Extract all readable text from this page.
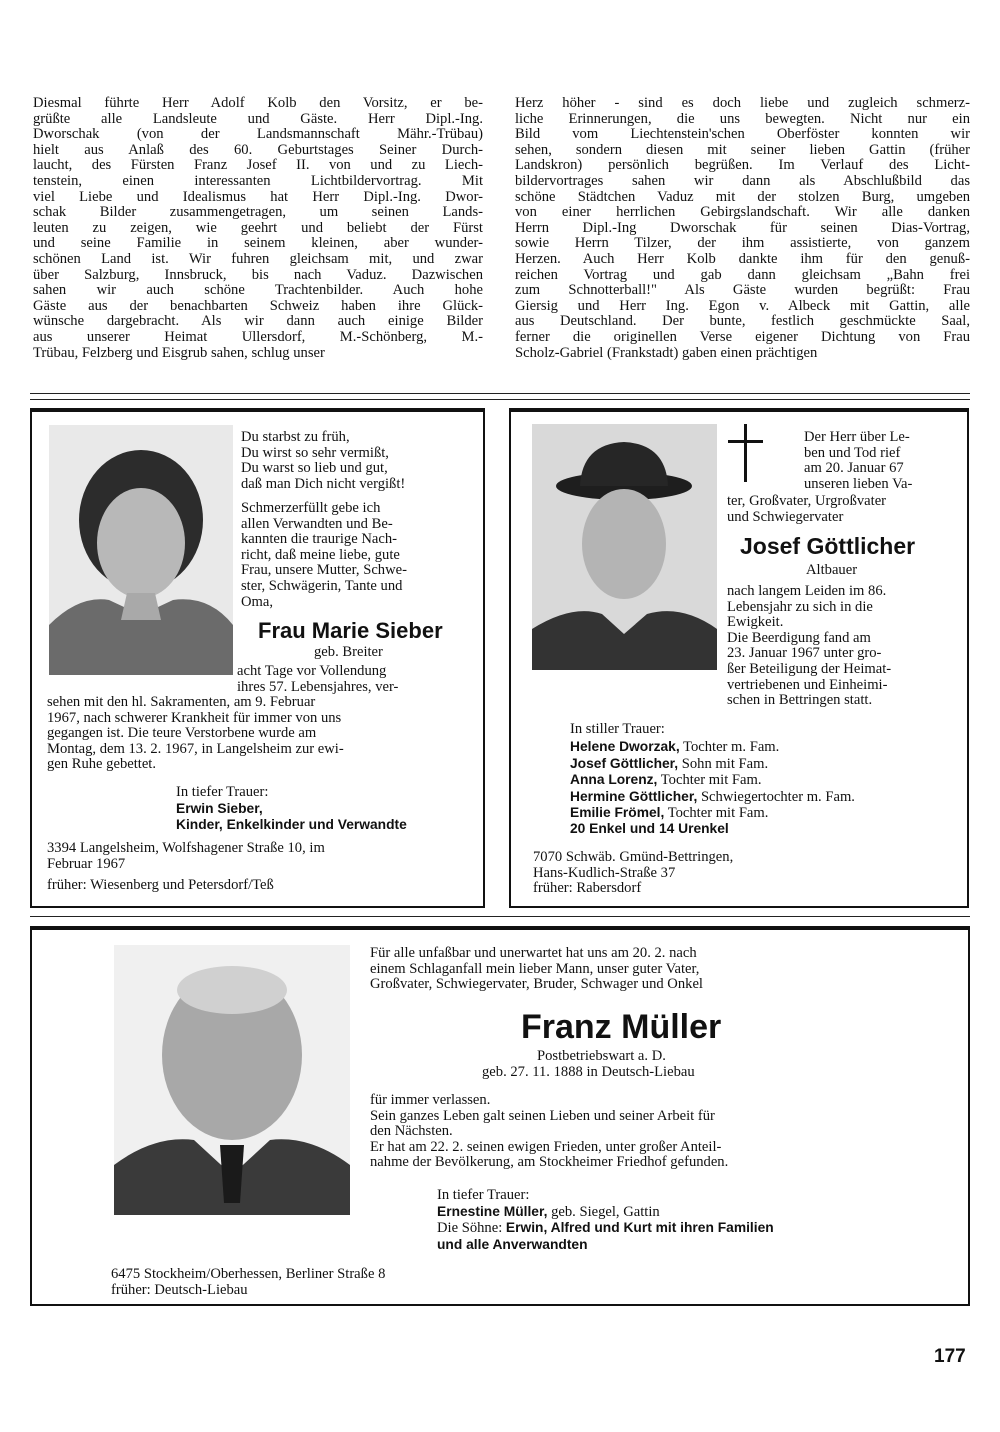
Diesmal führte Herr Adolf Kolb den Vorsitz, er be-
grüßte alle Landsleute und Gäste. Herr Dipl.-Ing.
Dworschak (von der Landsmannschaft Mähr.-Trübau)
hielt aus Anlaß des 60. Geburtstages Seiner Durch-
laucht, des Fürsten Franz Josef II. von und zu Liech-
tenstein, einen interessanten Lichtbildervortrag. Mit
viel Liebe und Idealismus hat Herr Dipl.-Ing. Dwor-
schak Bilder zusammengetragen, um seinen Lands-
leuten zu zeigen, wie geehrt und beliebt der Fürst
und seine Familie in seinem kleinen, aber wunder-
schönen Land ist. Wir fuhren gleichsam mit, und zwar
über Salzburg, Innsbruck, bis nach Vaduz. Dazwischen
sahen wir auch schöne Trachtenbilder. Auch hohe
Gäste aus der benachbarten Schweiz haben ihre Glück-
wünsche dargebracht. Als wir dann auch einige Bilder
aus unserer Heimat Ullersdorf, M.-Schönberg, M.-
Trübau, Felzberg und Eisgrub sahen, schlug unser
Herz höher - sind es doch liebe und zugleich schmerz-
liche Erinnerungen, die uns bewegten. Nicht nur ein
Bild vom Liechtenstein'schen Oberföster konnten wir
sehen, sondern diesen mit seiner lieben Gattin (früher
Landskron) persönlich begrüßen. Im Verlauf des Licht-
bildervortrages sahen wir dann als Abschlußbild das
schöne Städtchen Vaduz mit der stolzen Burg, umgeben
von einer herrlichen Gebirgslandschaft. Wir alle danken
Herrn Dipl.-Ing Dworschak für seinen Dias-Vortrag,
sowie Herrn Tilzer, der ihm assistierte, von ganzem
Herzen. Auch Herr Kolb dankte ihm für den genuß-
reichen Vortrag und gab dann gleichsam „Bahn frei
zum Schnotterball!" Als Gäste wurden begrüßt: Frau
Giersig und Herr Ing. Egon v. Albeck mit Gattin, alle
aus Deutschland. Der bunte, festlich geschmückte Saal,
ferner die originellen Verse eigener Dichtung von Frau
Scholz-Gabriel (Frankstadt) gaben einen prächtigen
Du starbst zu früh,
Du wirst so sehr vermißt,
Du warst so lieb und gut,
daß man Dich nicht vergißt!
Schmerzerfüllt gebe ich
allen Verwandten und Be-
kannten die traurige Nach-
richt, daß meine liebe, gute
Frau, unsere Mutter, Schwe-
ster, Schwägerin, Tante und
Oma,
Frau Marie Sieber
geb. Breiter
acht Tage vor Vollendung
ihres 57. Lebensjahres, ver-
sehen mit den hl. Sakramenten, am 9. Februar
1967, nach schwerer Krankheit für immer von uns
gegangen ist. Die teure Verstorbene wurde am
Montag, dem 13. 2. 1967, in Langelsheim zur ewi-
gen Ruhe gebettet.
In tiefer Trauer:
Erwin Sieber,
Kinder, Enkelkinder und Verwandte
3394 Langelsheim, Wolfshagener Straße 10, im
Februar 1967
früher: Wiesenberg und Petersdorf/Teß
Der Herr über Le-
ben und Tod rief
am 20. Januar 67
unseren lieben Va-
ter, Großvater, Urgroßvater
und Schwiegervater
Josef Göttlicher
Altbauer
nach langem Leiden im 86.
Lebensjahr zu sich in die
Ewigkeit.
Die Beerdigung fand am
23. Januar 1967 unter gro-
ßer Beteiligung der Heimat-
vertriebenen und Einheimi-
schen in Bettringen statt.
In stiller Trauer:
Helene Dworzak, Tochter m. Fam.
Josef Göttlicher, Sohn mit Fam.
Anna Lorenz, Tochter mit Fam.
Hermine Göttlicher, Schwiegertochter m. Fam.
Emilie Frömel, Tochter mit Fam.
20 Enkel und 14 Urenkel
7070 Schwäb. Gmünd-Bettringen,
Hans-Kudlich-Straße 37
früher: Rabersdorf
Für alle unfaßbar und unerwartet hat uns am 20. 2. nach
einem Schlaganfall mein lieber Mann, unser guter Vater,
Großvater, Schwiegervater, Bruder, Schwager und Onkel
Franz Müller
Postbetriebswart a. D.
geb. 27. 11. 1888 in Deutsch-Liebau
für immer verlassen.
Sein ganzes Leben galt seinen Lieben und seiner Arbeit für
den Nächsten.
Er hat am 22. 2. seinen ewigen Frieden, unter großer Anteil-
nahme der Bevölkerung, am Stockheimer Friedhof gefunden.
In tiefer Trauer:
Ernestine Müller, geb. Siegel, Gattin
Die Söhne: Erwin, Alfred und Kurt mit ihren Familien
und alle Anverwandten
6475 Stockheim/Oberhessen, Berliner Straße 8
früher: Deutsch-Liebau
177
